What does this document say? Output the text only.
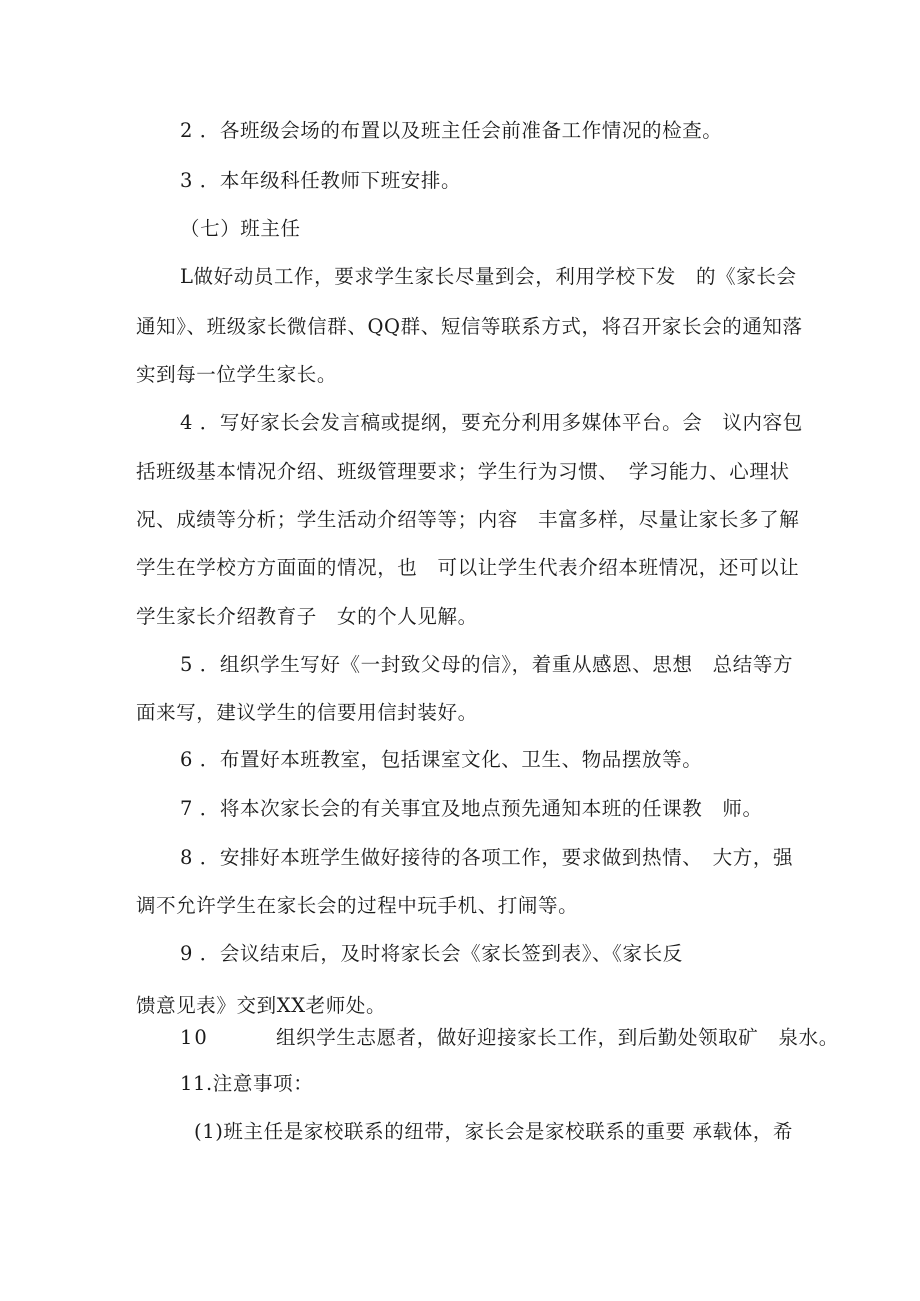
2 ．各班级会场的布置以及班主任会前准备工作情况的检查。
3 ．本年级科任教师下班安排。
（七）班主任
L做好动员工作，要求学生家长尽量到会，利用学校下发　的《家长会
通知》、班级家长微信群、QQ群、短信等联系方式，将召开家长会的通知落
实到每一位学生家长。
4 ．写好家长会发言稿或提纲，要充分利用多媒体平台。会　议内容包
括班级基本情况介绍、班级管理要求；学生行为习惯、　学习能力、心理状
况、成绩等分析；学生活动介绍等等；内容　丰富多样，尽量让家长多了解
学生在学校方方面面的情况，也　可以让学生代表介绍本班情况，还可以让
学生家长介绍教育子　女的个人见解。
5 ．组织学生写好《一封致父母的信》，着重从感恩、思想　总结等方
面来写，建议学生的信要用信封装好。
6 ．布置好本班教室，包括课室文化、卫生、物品摆放等。
7 ．将本次家长会的有关事宜及地点预先通知本班的任课教　师。
8 ．安排好本班学生做好接待的各项工作，要求做到热情、　大方，强
调不允许学生在家长会的过程中玩手机、打闹等。
9 ．会议结束后，及时将家长会《家长签到表》、《家长反
馈意见表》交到XX老师处。
10	组织学生志愿者，做好迎接家长工作，到后勤处领取矿　泉水。
11.注意事项：
(1)班主任是家校联系的纽带，家长会是家校联系的重要 承载体，希
